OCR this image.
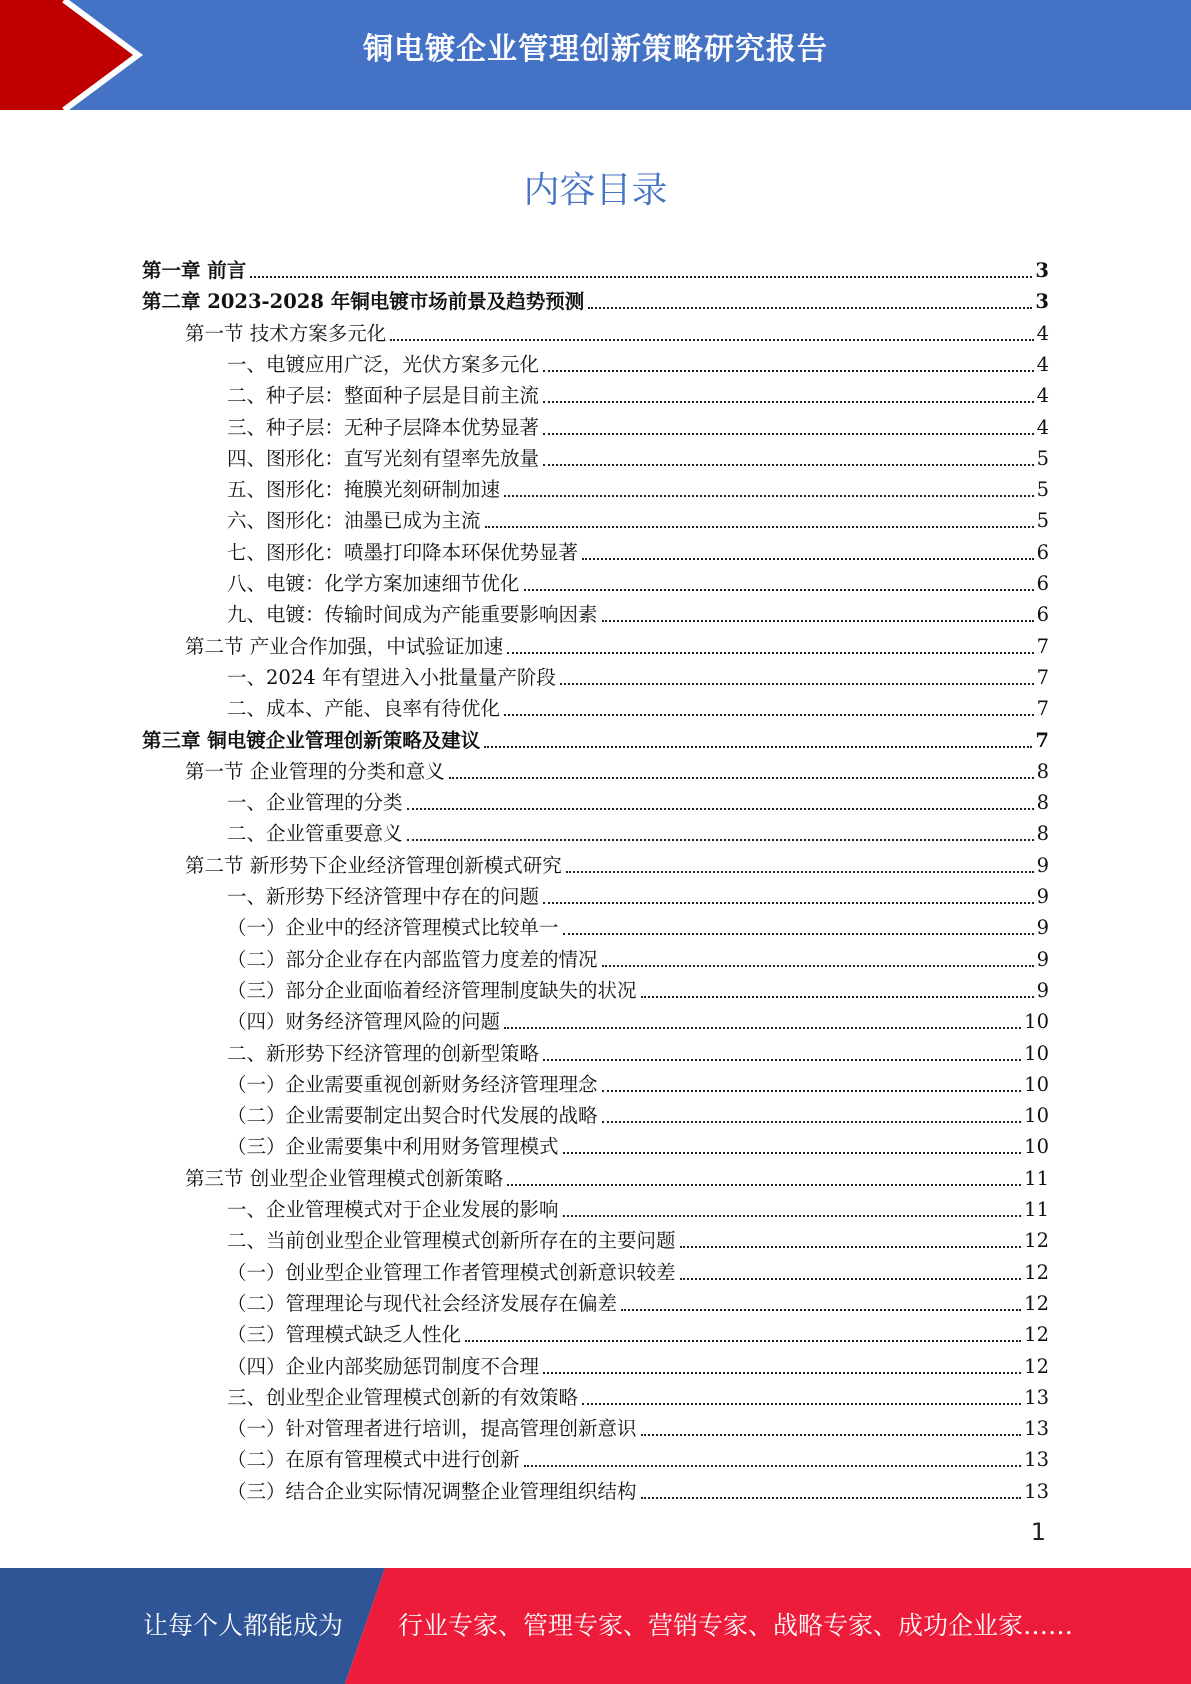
铜电镀企业管理创新策略研究报告
内容目录
第一章 前言	3
第二章 2023-2028 年铜电镀市场前景及趋势预测	3
第一节 技术方案多元化	4
一、电镀应用广泛，光伏方案多元化	4
二、种子层：整面种子层是目前主流	4
三、种子层：无种子层降本优势显著	4
四、图形化：直写光刻有望率先放量	5
五、图形化：掩膜光刻研制加速	5
六、图形化：油墨已成为主流	5
七、图形化：喷墨打印降本环保优势显著	6
八、电镀：化学方案加速细节优化	6
九、电镀：传输时间成为产能重要影响因素	6
第二节 产业合作加强，中试验证加速	7
一、2024 年有望进入小批量量产阶段	7
二、成本、产能、良率有待优化	7
第三章 铜电镀企业管理创新策略及建议	7
第一节 企业管理的分类和意义	8
一、企业管理的分类	8
二、企业管重要意义	8
第二节 新形势下企业经济管理创新模式研究	9
一、新形势下经济管理中存在的问题	9
（一）企业中的经济管理模式比较单一	9
（二）部分企业存在内部监管力度差的情况	9
（三）部分企业面临着经济管理制度缺失的状况	9
（四）财务经济管理风险的问题	10
二、新形势下经济管理的创新型策略	10
（一）企业需要重视创新财务经济管理理念	10
（二）企业需要制定出契合时代发展的战略	10
（三）企业需要集中利用财务管理模式	10
第三节 创业型企业管理模式创新策略	11
一、企业管理模式对于企业发展的影响	11
二、当前创业型企业管理模式创新所存在的主要问题	12
（一）创业型企业管理工作者管理模式创新意识较差	12
（二）管理理论与现代社会经济发展存在偏差	12
（三）管理模式缺乏人性化	12
（四）企业内部奖励惩罚制度不合理	12
三、创业型企业管理模式创新的有效策略	13
（一）针对管理者进行培训，提高管理创新意识	13
（二）在原有管理模式中进行创新	13
（三）结合企业实际情况调整企业管理组织结构	13
1
让每个人都能成为 行业专家、管理专家、营销专家、战略专家、成功企业家……
